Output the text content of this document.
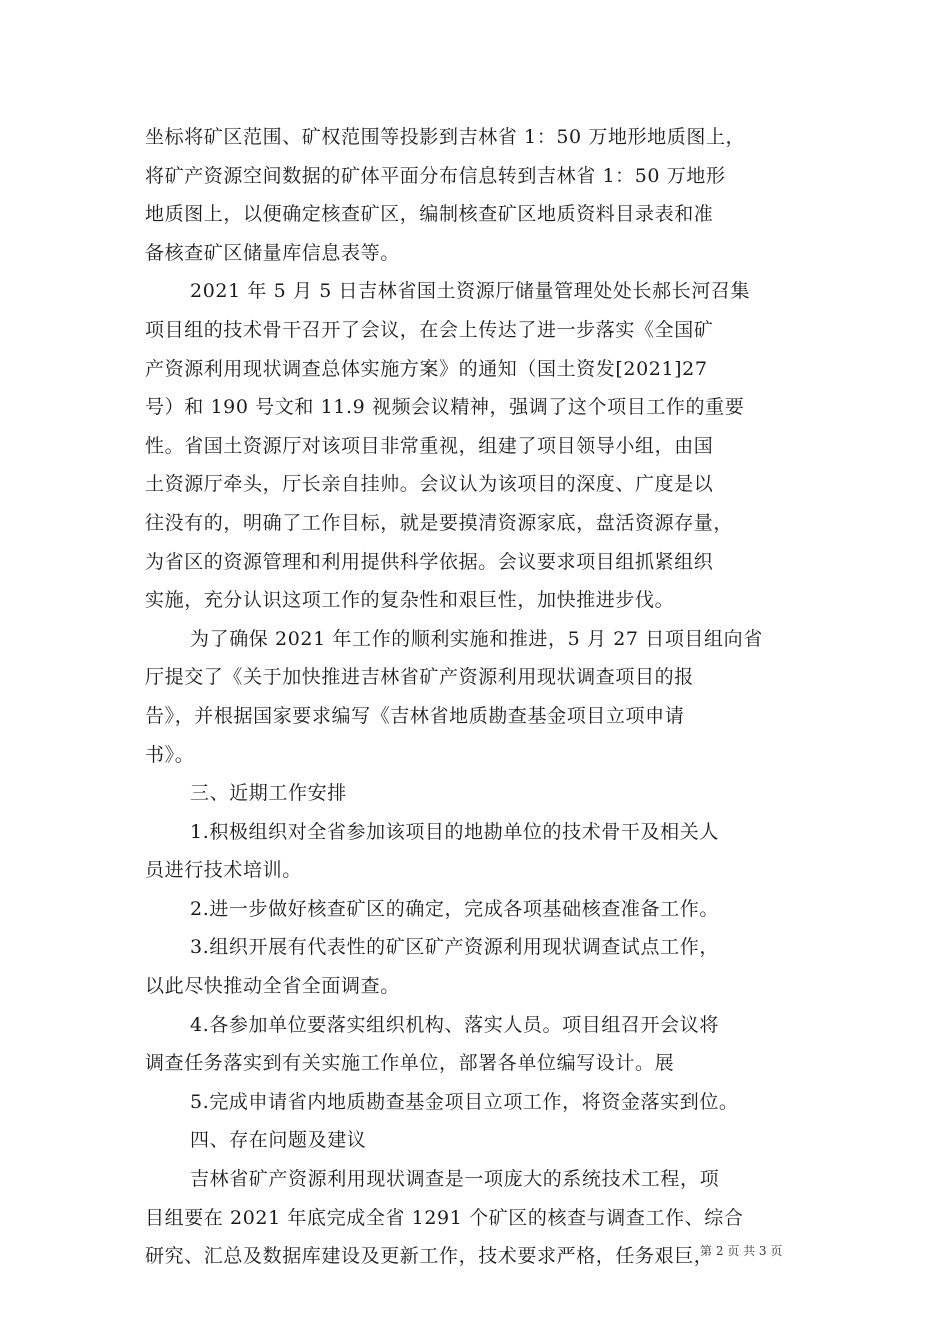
坐标将矿区范围、矿权范围等投影到吉林省 1：50 万地形地质图上，
将矿产资源空间数据的矿体平面分布信息转到吉林省 1：50 万地形
地质图上，以便确定核查矿区，编制核查矿区地质资料目录表和准
备核查矿区储量库信息表等。
2021 年 5 月 5 日吉林省国土资源厅储量管理处处长郝长河召集
项目组的技术骨干召开了会议，在会上传达了进一步落实《全国矿
产资源利用现状调查总体实施方案》的通知（国土资发[2021]27
号）和 190 号文和 11.9 视频会议精神，强调了这个项目工作的重要
性。省国土资源厅对该项目非常重视，组建了项目领导小组，由国
土资源厅牵头，厅长亲自挂帅。会议认为该项目的深度、广度是以
往没有的，明确了工作目标，就是要摸清资源家底，盘活资源存量，
为省区的资源管理和利用提供科学依据。会议要求项目组抓紧组织
实施，充分认识这项工作的复杂性和艰巨性，加快推进步伐。
为了确保 2021 年工作的顺利实施和推进，5 月 27 日项目组向省
厅提交了《关于加快推进吉林省矿产资源利用现状调查项目的报
告》，并根据国家要求编写《吉林省地质勘查基金项目立项申请
书》。
三、近期工作安排
1.积极组织对全省参加该项目的地勘单位的技术骨干及相关人
员进行技术培训。
2.进一步做好核查矿区的确定，完成各项基础核查准备工作。
3.组织开展有代表性的矿区矿产资源利用现状调查试点工作，
以此尽快推动全省全面调查。
4.各参加单位要落实组织机构、落实人员。项目组召开会议将
调查任务落实到有关实施工作单位，部署各单位编写设计。展
5.完成申请省内地质勘查基金项目立项工作，将资金落实到位。
四、存在问题及建议
吉林省矿产资源利用现状调查是一项庞大的系统技术工程，项
目组要在 2021 年底完成全省 1291 个矿区的核查与调查工作、综合
研究、汇总及数据库建设及更新工作，技术要求严格，任务艰巨，
第 2 页 共 3 页
